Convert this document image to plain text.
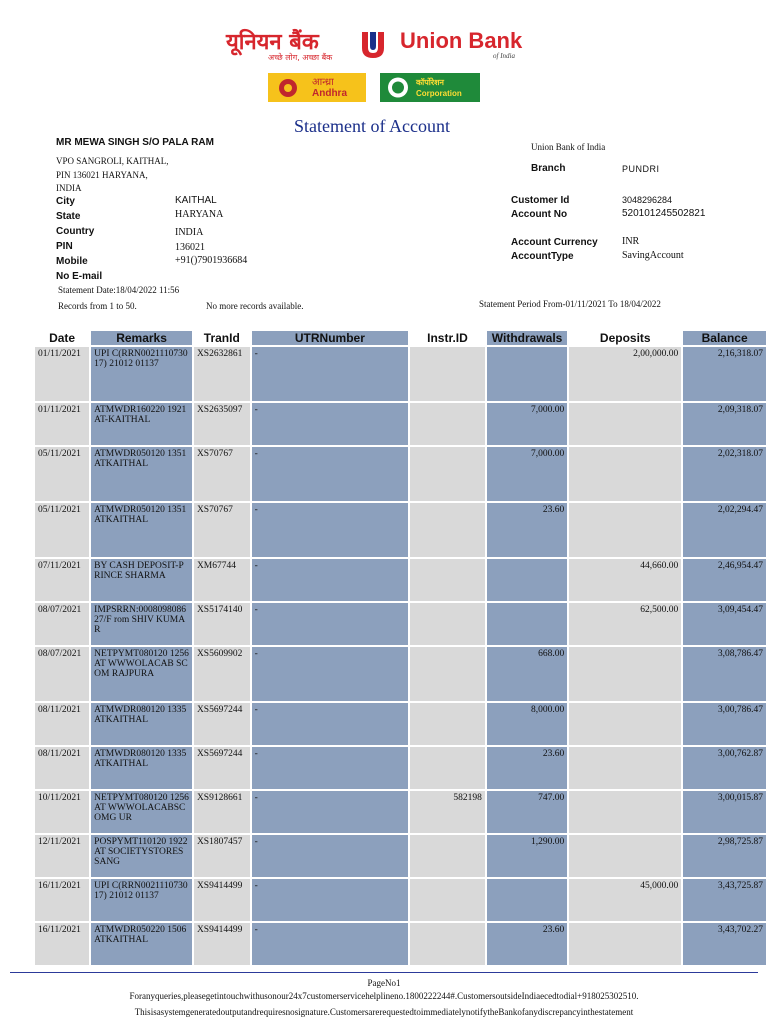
यूनियन बैंक
अच्छे लोग, अच्छा बैंक
Union Bank
of India
आन्ध्रा
Andhra
कॉर्पोरेशन
Corporation
Statement of Account
MR MEWA SINGH S/O PALA RAM
VPO SANGROLI, KAITHAL,
PIN 136021 HARYANA,
INDIA
City	KAITHAL
State	HARYANA
Country	INDIA
PIN	136021
Mobile	+91()7901936684
No E-mail
Statement Date:18/04/2022 11:56
Records from 1 to 50.	No more records available.
Union Bank of India
Branch	PUNDRI
Customer Id	3048296284
Account No	520101245502821
Account Currency INR
AccountType	SavingAccount
Statement Period From-01/11/2021 To 18/04/2022
Date	Remarks	TranId	UTRNumber	Instr.ID	Withdrawals	Deposits	Balance
01/11/2021	UPI C(RRN002111073017) 21012 01137	XS2632861	-			2,00,000.00	2,16,318.07
01/11/2021	ATMWDR160220 1921AT-KAITHAL	XS2635097	-		7,000.00		2,09,318.07
05/11/2021	ATMWDR050120 1351ATKAITHAL	XS70767	-		7,000.00		2,02,318.07
05/11/2021	ATMWDR050120 1351ATKAITHAL	XS70767	-		23.60		2,02,294.47
07/11/2021	BY CASH DEPOSIT-PRINCE SHARMA	XM67744	-			44,660.00	2,46,954.47
08/07/2021	IMPSRRN:0008098086 27/F rom SHIV KUMAR	XS5174140	-			62,500.00	3,09,454.47
08/07/2021	NETPYMT080120 1256 AT WWWOLACAB SCOM RAJPURA	XS5609902	-		668.00		3,08,786.47
08/11/2021	ATMWDR080120 1335ATKAITHAL	XS5697244	-		8,000.00		3,00,786.47
08/11/2021	ATMWDR080120 1335ATKAITHAL	XS5697244	-		23.60		3,00,762.87
10/11/2021	NETPYMT080120 1256 AT WWWOLACABSCOMG UR	XS9128661	-	582198	747.00		3,00,015.87
12/11/2021	POSPYMT110120 1922 AT SOCIETYSTORES SANG	XS1807457	-		1,290.00		2,98,725.87
16/11/2021	UPI C(RRN002111073017) 21012 01137	XS9414499	-			45,000.00	3,43,725.87
16/11/2021	ATMWDR050220 1506ATKAITHAL	XS9414499	-		23.60		3,43,702.27
PageNo1
Foranyqueries,pleasegetintouchwithusonour24x7customerservicehelplineno.1800222244#.CustomersoutsideIndiaecedtodial+918025302510.
Thisisasystemgeneratedoutputandrequiresnosignature.CustomersarerequestedtoimmediatelynotifytheBankofanydiscrepancyinthestatement
